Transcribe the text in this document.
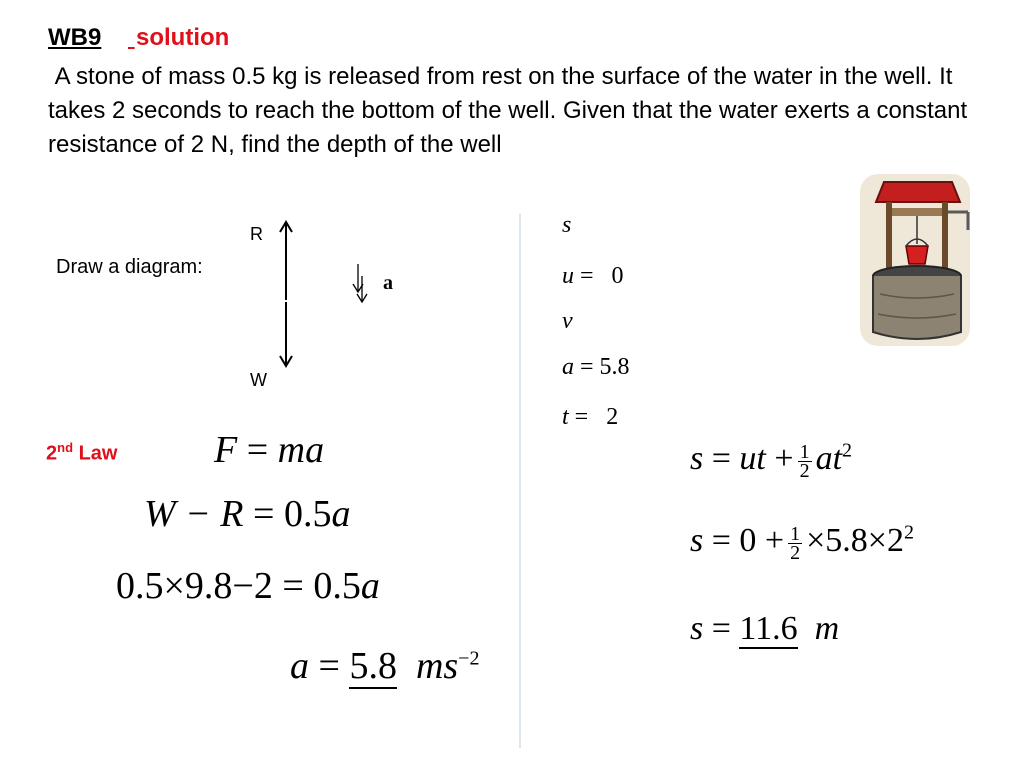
WB9
solution
A stone of mass 0.5 kg is released from rest on the surface of the water in the well. It takes 2 seconds to reach the bottom of the well. Given that the water exerts a constant resistance of 2 N, find the depth of the well
Draw a diagram:
R
W
a
2nd Law	F = ma
W − R = 0.5a
0.5×9.8−2 = 0.5a
a = 5.8 $ms^{-2}$
s
u =   0
v
a = 5.8
t =   2
s = ut + $\frac{1}{2} at^2$
$s = 0 + \frac{1}{2} \times 5.8\times 2^2$
s = 11.6 m
